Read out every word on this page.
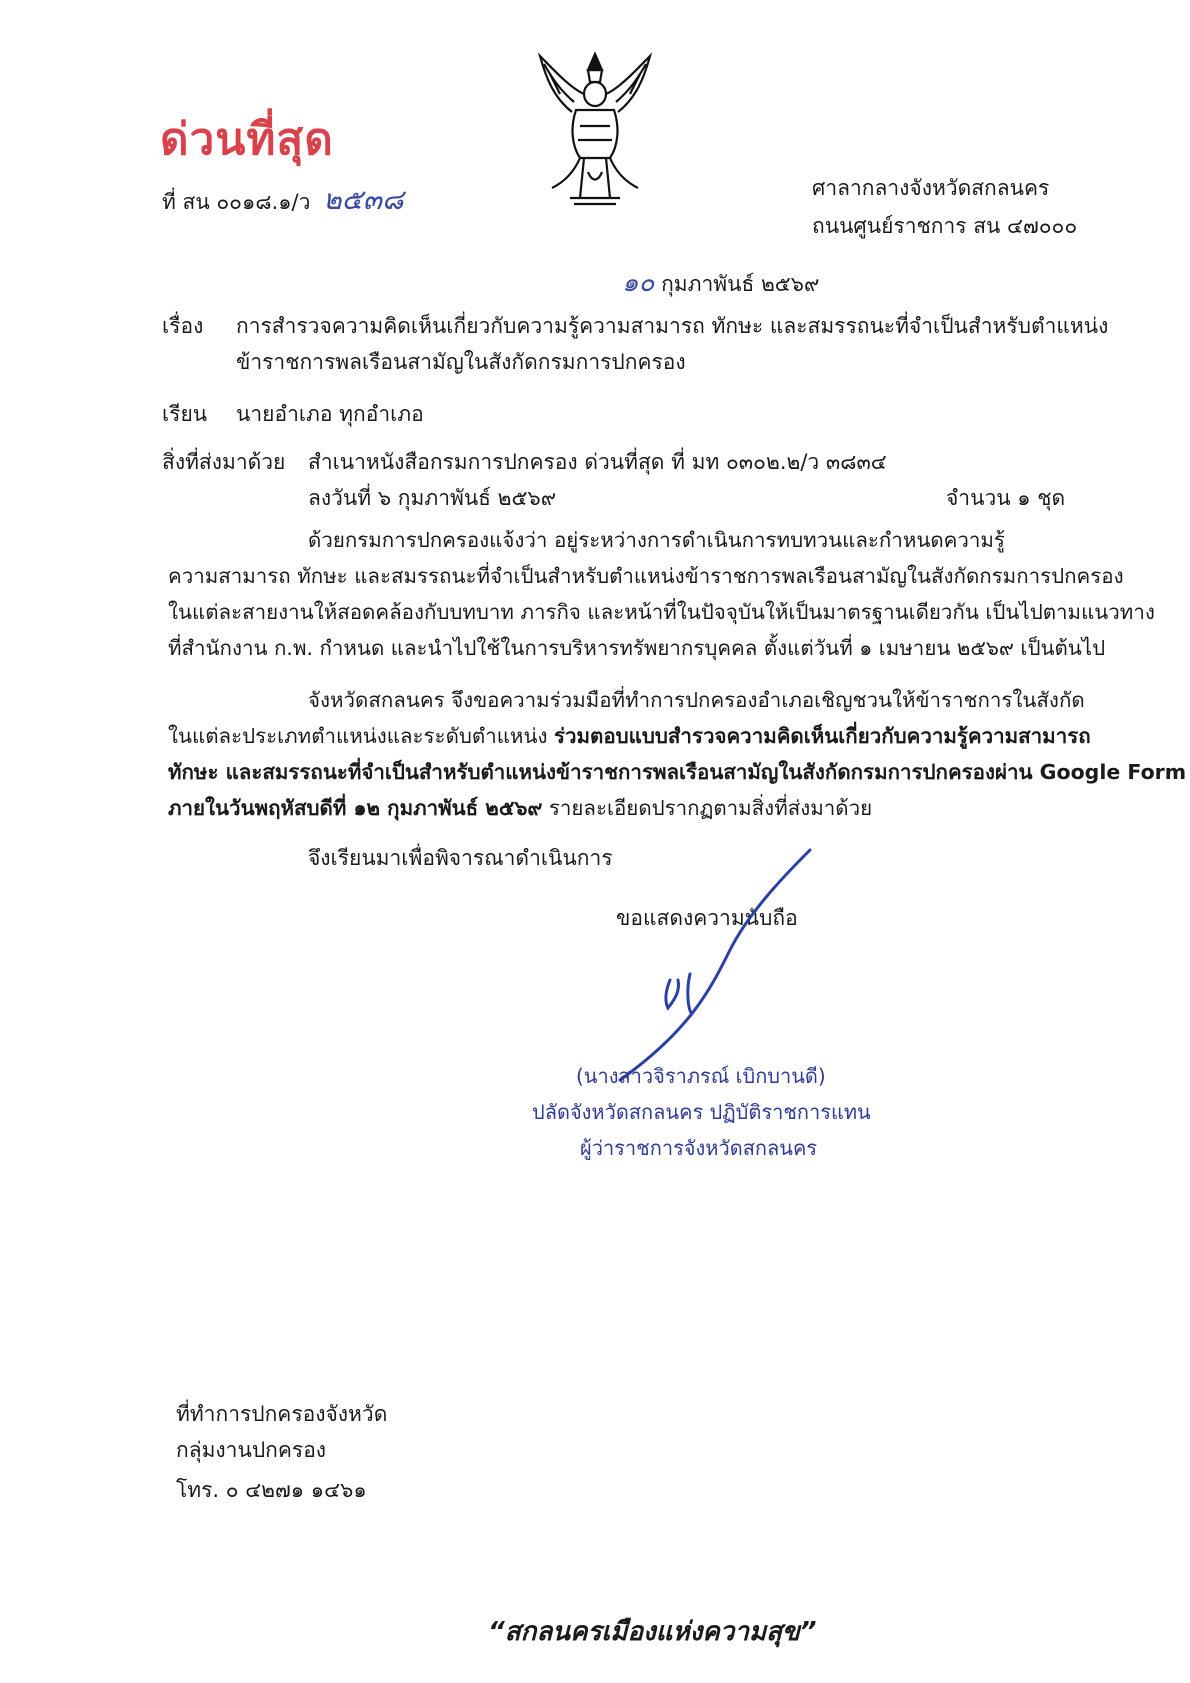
ด่วนที่สุด
ที่ สน ๐๐๑๘.๑/ว ๒๕๓๘	ศาลากลางจังหวัดสกลนคร
ถนนศูนย์ราชการ สน ๔๗๐๐๐
๑๐ กุมภาพันธ์ ๒๕๖๙
เรื่อง การสำรวจความคิดเห็นเกี่ยวกับความรู้ความสามารถ ทักษะ และสมรรถนะที่จำเป็นสำหรับตำแหน่ง
ข้าราชการพลเรือนสามัญในสังกัดกรมการปกครอง
เรียน นายอำเภอ ทุกอำเภอ
สิ่งที่ส่งมาด้วย สำเนาหนังสือกรมการปกครอง ด่วนที่สุด ที่ มท ๐๓๐๒.๒/ว ๓๘๓๔
ลงวันที่ ๖ กุมภาพันธ์ ๒๕๖๙	จำนวน ๑ ชุด
ด้วยกรมการปกครองแจ้งว่า อยู่ระหว่างการดำเนินการทบทวนและกำหนดความรู้
ความสามารถ ทักษะ และสมรรถนะที่จำเป็นสำหรับตำแหน่งข้าราชการพลเรือนสามัญในสังกัดกรมการปกครอง
ในแต่ละสายงานให้สอดคล้องกับบทบาท ภารกิจ และหน้าที่ในปัจจุบันให้เป็นมาตรฐานเดียวกัน เป็นไปตามแนวทาง
ที่สำนักงาน ก.พ. กำหนด และนำไปใช้ในการบริหารทรัพยากรบุคคล ตั้งแต่วันที่ ๑ เมษายน ๒๕๖๙ เป็นต้นไป
จังหวัดสกลนคร จึงขอความร่วมมือที่ทำการปกครองอำเภอเชิญชวนให้ข้าราชการในสังกัด
ในแต่ละประเภทตำแหน่งและระดับตำแหน่ง ร่วมตอบแบบสำรวจความคิดเห็นเกี่ยวกับความรู้ความสามารถ
ทักษะ และสมรรถนะที่จำเป็นสำหรับตำแหน่งข้าราชการพลเรือนสามัญในสังกัดกรมการปกครองผ่าน Google Form
ภายในวันพฤหัสบดีที่ ๑๒ กุมภาพันธ์ ๒๕๖๙ รายละเอียดปรากฏตามสิ่งที่ส่งมาด้วย
จึงเรียนมาเพื่อพิจารณาดำเนินการ
ขอแสดงความนับถือ
(นางสาวจิราภรณ์ เบิกบานดี)
ปลัดจังหวัดสกลนคร ปฏิบัติราชการแทน
ผู้ว่าราชการจังหวัดสกลนคร
ที่ทำการปกครองจังหวัด
กลุ่มงานปกครอง
โทร. ๐ ๔๒๗๑ ๑๔๖๑
“สกลนครเมืองแห่งความสุข”
